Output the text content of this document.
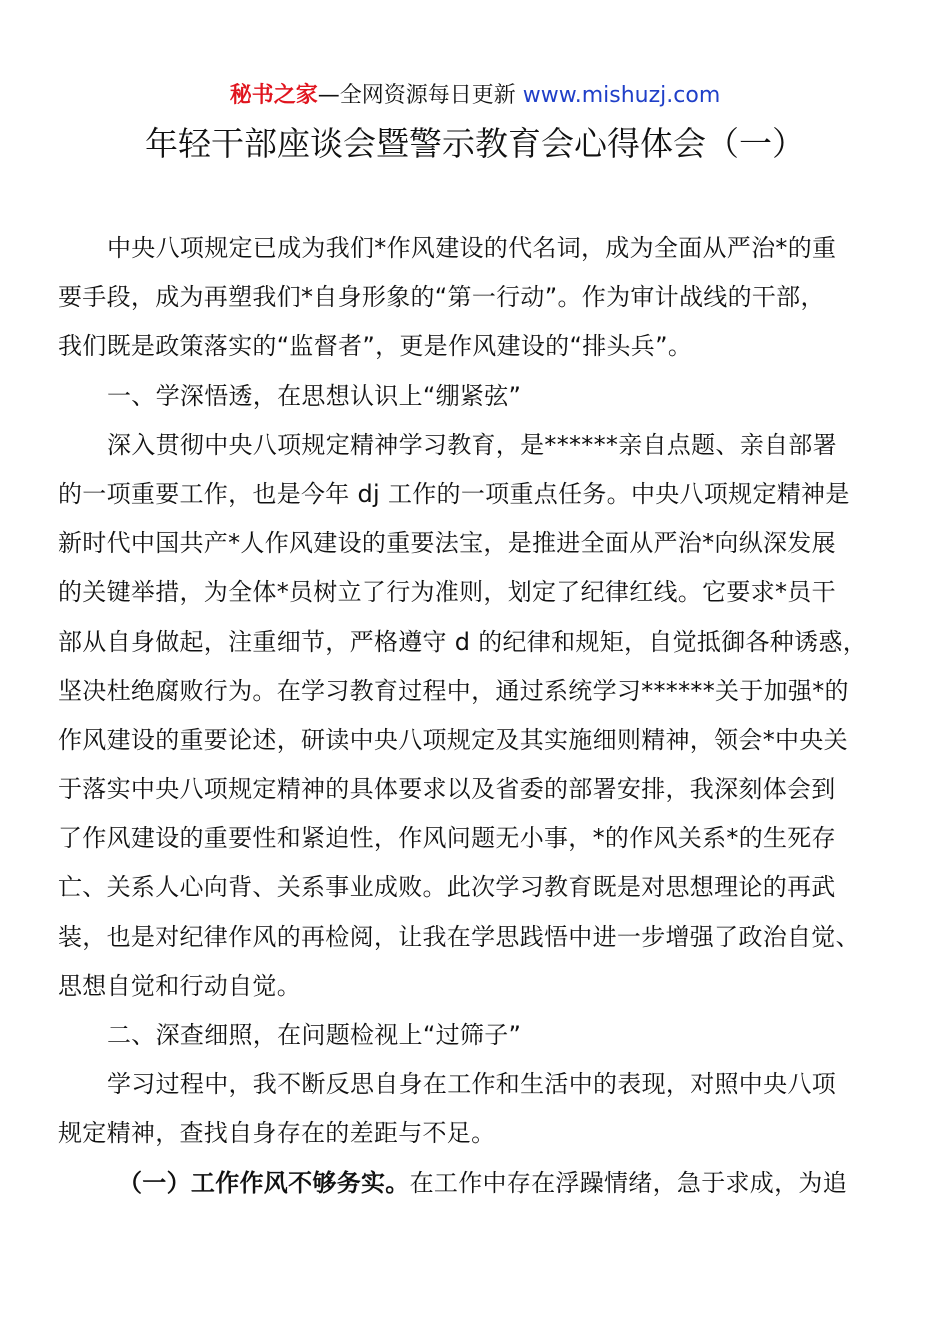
秘书之家—全网资源每日更新 www.mishuzj.com
年轻干部座谈会暨警示教育会心得体会（一）
中央八项规定已成为我们*作风建设的代名词，成为全面从严治*的重
要手段，成为再塑我们*自身形象的“第一行动”。作为审计战线的干部，
我们既是政策落实的“监督者”，更是作风建设的“排头兵”。
一、学深悟透，在思想认识上“绷紧弦”
深入贯彻中央八项规定精神学习教育，是******亲自点题、亲自部署
的一项重要工作，也是今年 dj 工作的一项重点任务。中央八项规定精神是
新时代中国共产*人作风建设的重要法宝，是推进全面从严治*向纵深发展
的关键举措，为全体*员树立了行为准则，划定了纪律红线。它要求*员干
部从自身做起，注重细节，严格遵守 d 的纪律和规矩，自觉抵御各种诱惑，
坚决杜绝腐败行为。在学习教育过程中，通过系统学习******关于加强*的
作风建设的重要论述，研读中央八项规定及其实施细则精神，领会*中央关
于落实中央八项规定精神的具体要求以及省委的部署安排，我深刻体会到
了作风建设的重要性和紧迫性，作风问题无小事，*的作风关系*的生死存
亡、关系人心向背、关系事业成败。此次学习教育既是对思想理论的再武
装，也是对纪律作风的再检阅，让我在学思践悟中进一步增强了政治自觉、
思想自觉和行动自觉。
二、深查细照，在问题检视上“过筛子”
学习过程中，我不断反思自身在工作和生活中的表现，对照中央八项
规定精神，查找自身存在的差距与不足。
（一）工作作风不够务实。在工作中存在浮躁情绪，急于求成，为追
